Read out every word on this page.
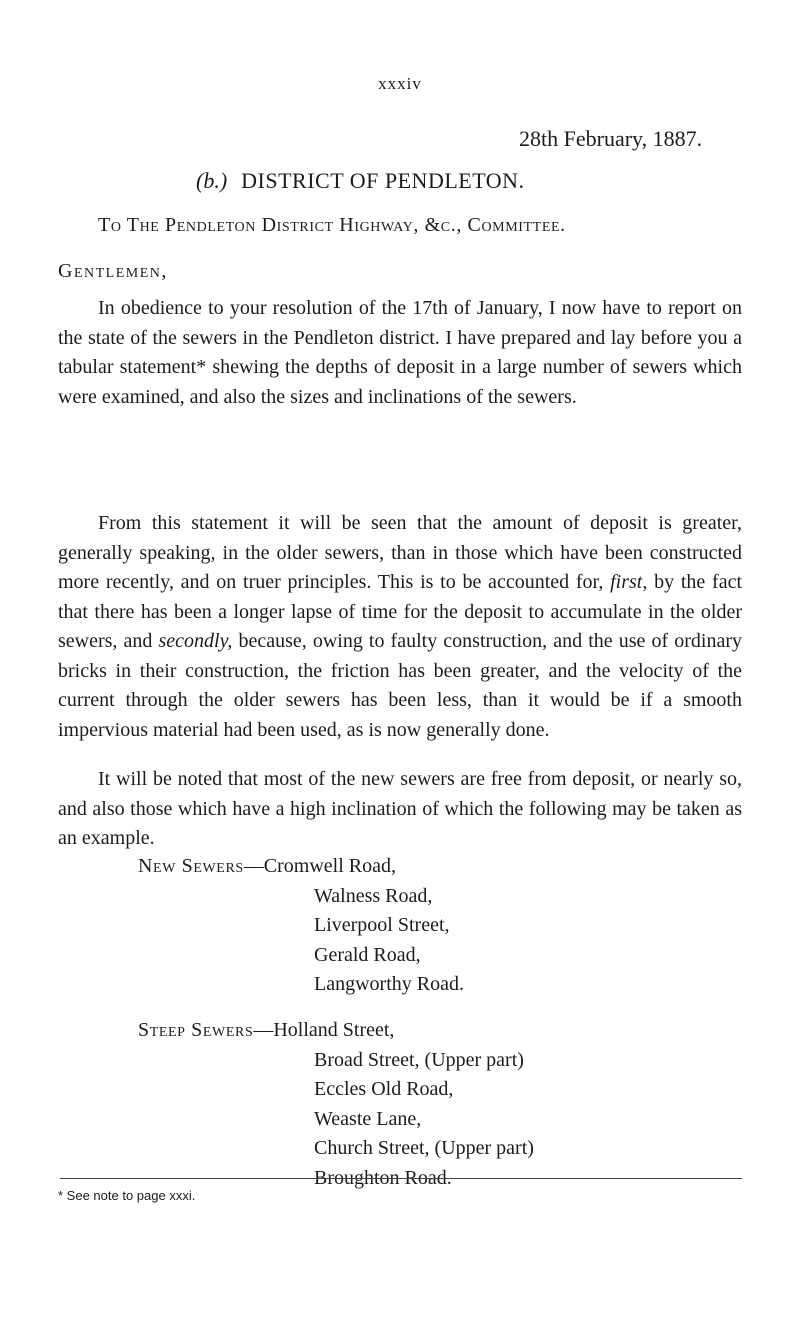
xxxiv
28th February, 1887.
(b.) DISTRICT OF PENDLETON.
To The Pendleton District Highway, &c., Committee.
Gentlemen,

In obedience to your resolution of the 17th of January, I now have to report on the state of the sewers in the Pendleton district. I have prepared and lay before you a tabular statement* shewing the depths of deposit in a large number of sewers which were examined, and also the sizes and inclinations of the sewers.

From this statement it will be seen that the amount of deposit is greater, generally speaking, in the older sewers, than in those which have been constructed more recently, and on truer principles. This is to be accounted for, first, by the fact that there has been a longer lapse of time for the deposit to accumulate in the older sewers, and secondly, because, owing to faulty construction, and the use of ordinary bricks in their construction, the friction has been greater, and the velocity of the current through the older sewers has been less, than it would be if a smooth impervious material had been used, as is now generally done.

It will be noted that most of the new sewers are free from deposit, or nearly so, and also those which have a high inclination of which the following may be taken as an example.

New Sewers—Cromwell Road,
Walness Road,
Liverpool Street,
Gerald Road,
Langworthy Road.
Steep Sewers—Holland Street,
Broad Street, (Upper part)
Eccles Old Road,
Weaste Lane,
Church Street, (Upper part)
Broughton Road.
* See note to page xxxi.
